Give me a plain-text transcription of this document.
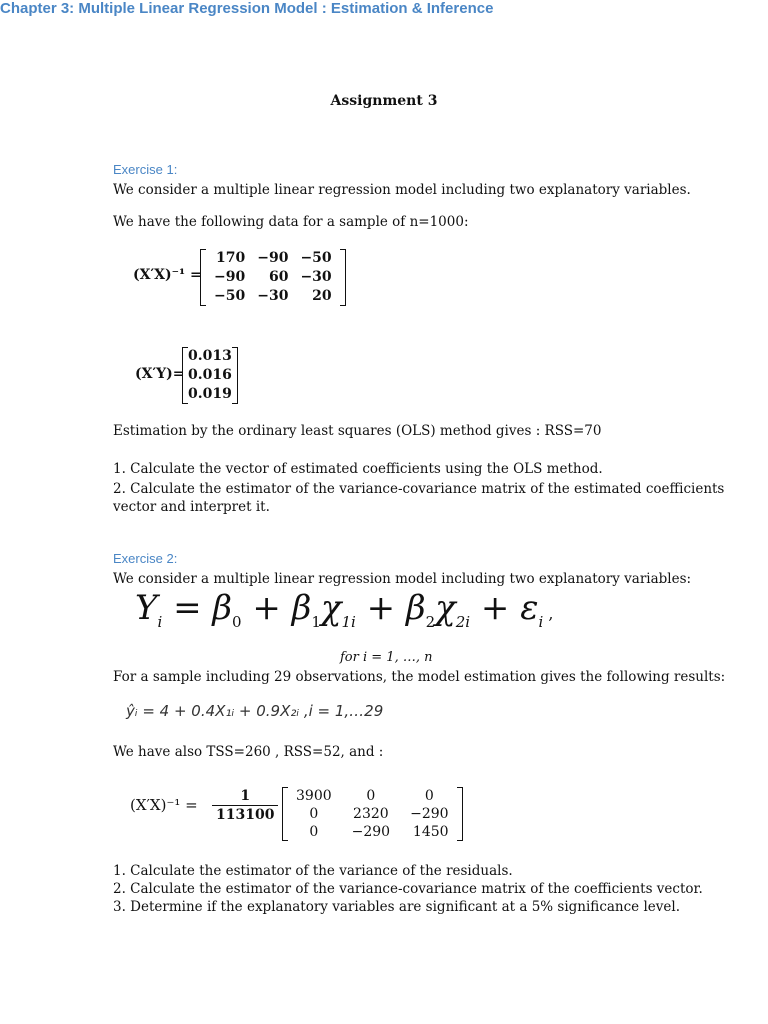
Assignment 3
Chapter 3: Multiple Linear Regression Model : Estimation & Inference
Exercise 1:
We consider a multiple linear regression model including two explanatory variables.
We have the following data for a sample of n=1000:
(X′X)⁻¹ =
170	−90	−50
−90	60	−30
−50	−30	20
(X′Y)=
0.013
0.016
0.019
Estimation by the ordinary least squares (OLS) method gives : RSS=70
1. Calculate the vector of estimated coefficients using the OLS method.
2. Calculate the estimator of the variance-covariance matrix of the estimated coefficients
vector and interpret it.
Exercise 2:
We consider a multiple linear regression model including two explanatory variables:
$Y_i = \beta_0 + \beta_1\chi_{1i} + \beta_2\chi_{2i} + \varepsilon_i$ ,
for i = 1, …, n
For a sample including 29 observations, the model estimation gives the following results:
ŷᵢ = 4 + 0.4X₁ᵢ + 0.9X₂ᵢ ,i = 1,…29
We have also TSS=260 , RSS=52, and :
$(X'X)^{-1} = \frac{1}{113100} 3900$	0	0
0	2320	−290
0	−290	1450
1. Calculate the estimator of the variance of the residuals.
2. Calculate the estimator of the variance-covariance matrix of the coefficients vector.
3. Determine if the explanatory variables are significant at a 5% significance level.
